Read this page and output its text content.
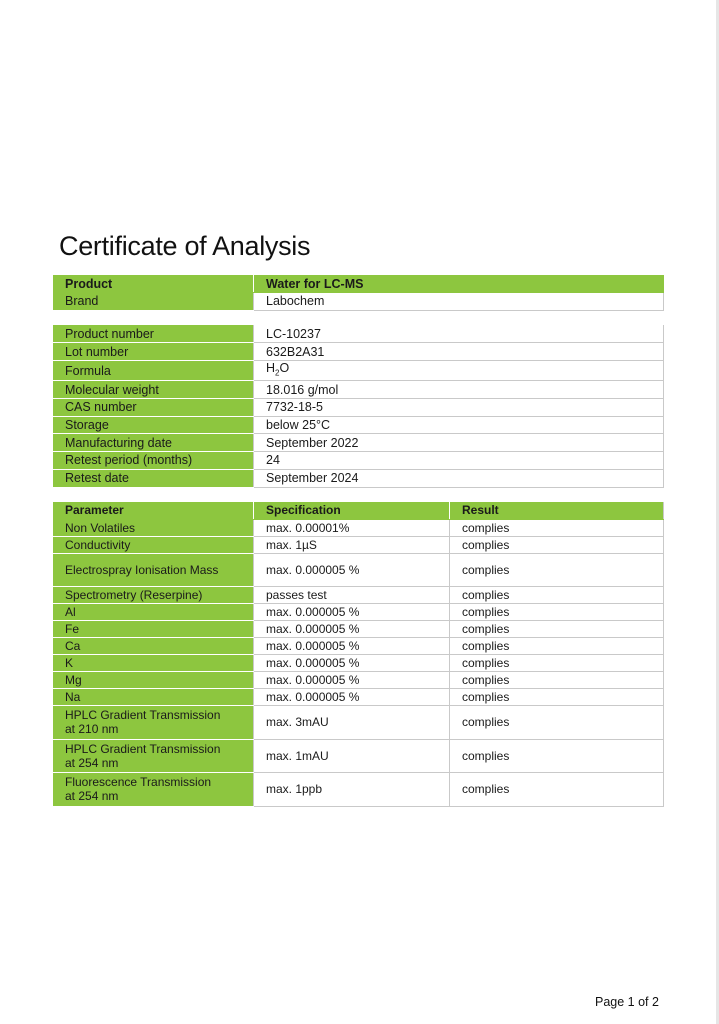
Certificate of Analysis
Product	Water for LC-MS
Brand	Labochem
Product number	LC-10237
Lot number	632B2A31
Formula	$H_2O$
Molecular weight	18.016 g/mol
CAS number	7732-18-5
Storage	below 25°C
Manufacturing date	September 2022
Retest period (months)	24
Retest date	September 2024
Parameter	Specification	Result
Non Volatiles	max. 0.00001%	complies
Conductivity	max. 1µS	complies
Electrospray Ionisation Mass	max. 0.000005 %	complies
Spectrometry (Reserpine)	passes test	complies
Al	max. 0.000005 %	complies
Fe	max. 0.000005 %	complies
Ca	max. 0.000005 %	complies
K	max. 0.000005 %	complies
Mg	max. 0.000005 %	complies
Na	max. 0.000005 %	complies
HPLC Gradient Transmission
at 210 nm	max. 3mAU	complies
HPLC Gradient Transmission
at 254 nm	max. 1mAU	complies
Fluorescence Transmission
at 254 nm	max. 1ppb	complies
Page 1 of 2
